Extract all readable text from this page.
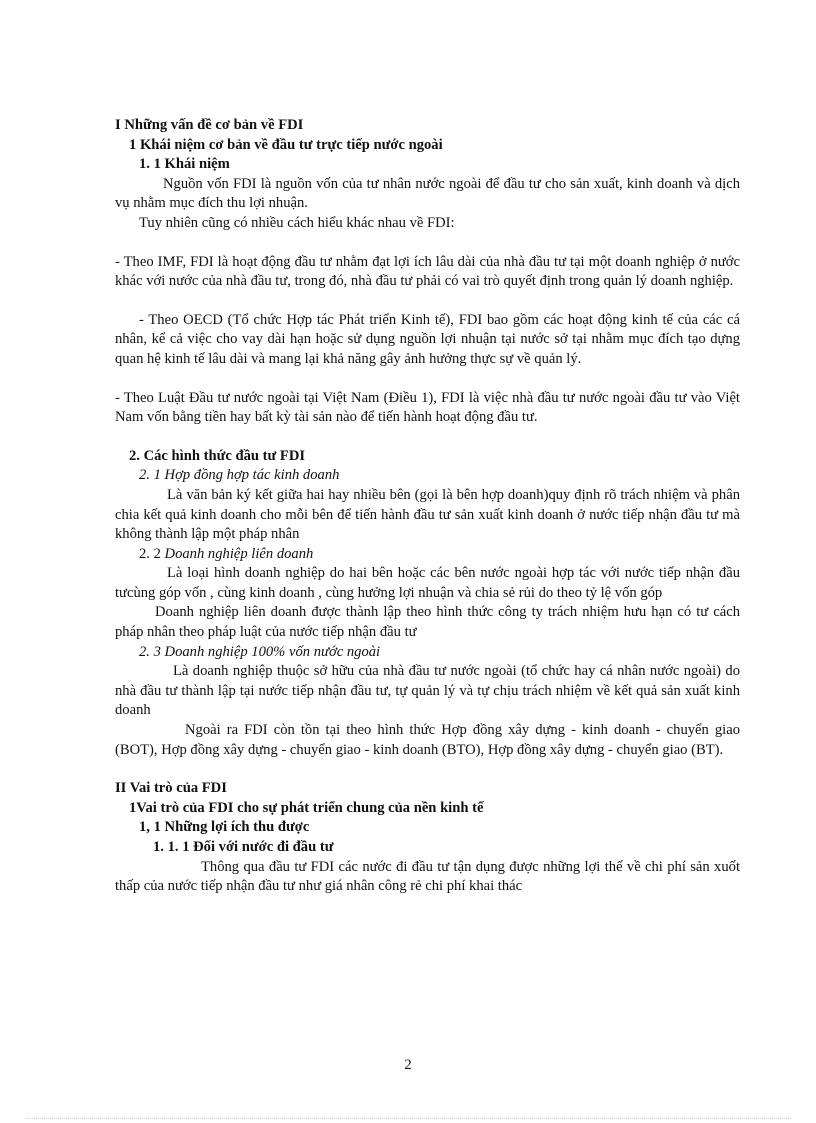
I Những vấn đề cơ bản về FDI

1 Khái niệm cơ bản về đầu tư trực tiếp nước ngoài

1. 1 Khái niệm

Nguồn vốn FDI là nguồn vốn của tư nhân nước ngoài để đầu tư cho sản xuất, kinh doanh và dịch vụ nhằm mục đích thu lợi nhuận.

Tuy nhiên cũng có nhiều cách hiểu khác nhau về FDI:

- Theo IMF, FDI là hoạt động đầu tư nhằm đạt lợi ích lâu dài của nhà đầu tư tại một doanh nghiệp ở nước khác với nước của nhà đầu tư, trong đó, nhà đầu tư phải có vai trò quyết định trong quản lý doanh nghiệp.

- Theo OECD (Tổ chức Hợp tác Phát triển Kinh tế), FDI bao gồm các hoạt động kinh tế của các cá nhân, kể cả việc cho vay dài hạn hoặc sử dụng nguồn lợi nhuận tại nước sở tại nhằm mục đích tạo dựng quan hệ kinh tế lâu dài và mang lại khả năng gây ảnh hưởng thực sự về quản lý.

- Theo Luật Đầu tư nước ngoài tại Việt Nam (Điều 1), FDI là việc nhà đầu tư nước ngoài đầu tư vào Việt Nam vốn bằng tiền hay bất kỳ tài sản nào để tiến hành hoạt động đầu tư.

2. Các hình thức đầu tư FDI

2. 1 Hợp đồng hợp tác kinh doanh

Là văn bản ký kết giữa hai hay nhiều bên (gọi là bên hợp doanh)quy định rõ trách nhiệm và phân chia kết quả kinh doanh cho mỗi bên để tiến hành đầu tư sản xuất kinh doanh ở nước tiếp nhận đầu tư mà không thành lập một pháp nhân

2. 2 Doanh nghiệp liên doanh

Là loại hình doanh nghiệp do hai bên hoặc các bên nước ngoài hợp tác với nước tiếp nhận đầu tưcùng góp vốn , cùng kinh doanh , cùng hưởng lợi nhuận và chia sẻ rủi do theo tỷ lệ vốn góp

Doanh nghiệp liên doanh được thành lập theo hình thức công ty trách nhiệm hưu hạn có tư cách pháp nhân theo pháp luật của nước tiếp nhận đầu tư

2. 3 Doanh nghiệp 100% vốn nước ngoài

Là doanh nghiệp thuộc sở hữu của nhà đầu tư nước ngoài (tổ chức hay cá nhân nước ngoài) do nhà đầu tư thành lập tại nước tiếp nhận đầu tư, tự quản lý và tự chịu trách nhiệm về kết quả sản xuất kinh doanh

Ngoài ra FDI còn tồn tại theo hình thức Hợp đồng xây dựng - kinh doanh - chuyển giao (BOT), Hợp đồng xây dựng - chuyển giao - kinh doanh (BTO), Hợp đồng xây dựng - chuyển giao (BT).

II Vai trò của FDI

1Vai trò của FDI cho sự phát triển chung của nền kinh tế

1, 1 Những lợi ích thu được

1. 1. 1 Đối với nước đi đầu tư

Thông qua đầu tư FDI các nước đi đầu tư tận dụng được những lợi thế về chi phí sản xuốt thấp của nước tiếp nhận đầu tư như giá nhân công rẻ chi phí khai thác

2
